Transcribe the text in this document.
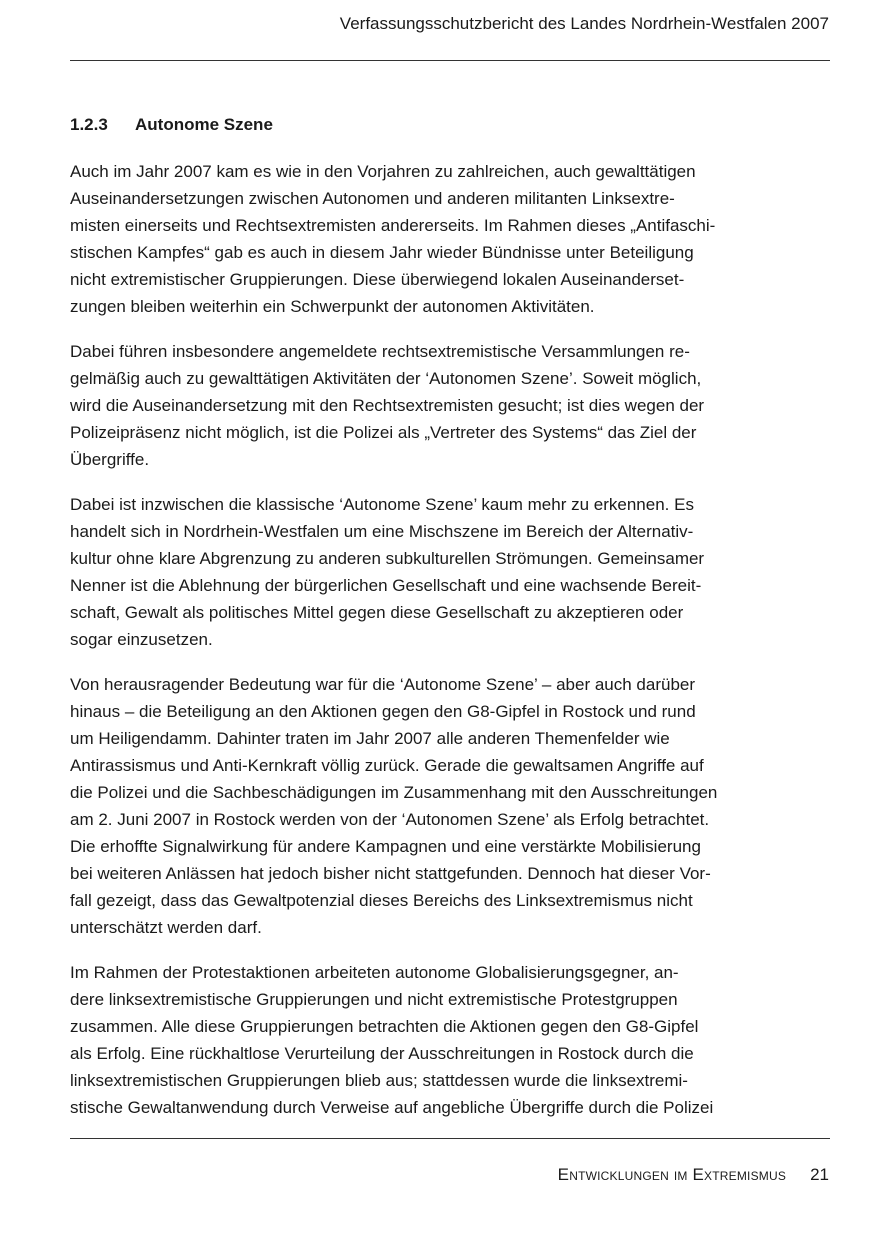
Verfassungsschutzbericht des Landes Nordrhein-Westfalen 2007
1.2.3 Autonome Szene
Auch im Jahr 2007 kam es wie in den Vorjahren zu zahlreichen, auch gewalttätigen
Auseinandersetzungen zwischen Autonomen und anderen militanten Linksextre-
misten einerseits und Rechtsextremisten andererseits. Im Rahmen dieses „Antifaschi-
stischen Kampfes“ gab es auch in diesem Jahr wieder Bündnisse unter Beteiligung
nicht extremistischer Gruppierungen. Diese überwiegend lokalen Auseinanderset-
zungen bleiben weiterhin ein Schwerpunkt der autonomen Aktivitäten.
Dabei führen insbesondere angemeldete rechtsextremistische Versammlungen re-
gelmäßig auch zu gewalttätigen Aktivitäten der ‘Autonomen Szene’. Soweit möglich,
wird die Auseinandersetzung mit den Rechtsextremisten gesucht; ist dies wegen der
Polizeipräsenz nicht möglich, ist die Polizei als „Vertreter des Systems“ das Ziel der
Übergriffe.
Dabei ist inzwischen die klassische ‘Autonome Szene’ kaum mehr zu erkennen. Es
handelt sich in Nordrhein-Westfalen um eine Mischszene im Bereich der Alternativ-
kultur ohne klare Abgrenzung zu anderen subkulturellen Strömungen. Gemeinsamer
Nenner ist die Ablehnung der bürgerlichen Gesellschaft und eine wachsende Bereit-
schaft, Gewalt als politisches Mittel gegen diese Gesellschaft zu akzeptieren oder
sogar einzusetzen.
Von herausragender Bedeutung war für die ‘Autonome Szene’ – aber auch darüber
hinaus – die Beteiligung an den Aktionen gegen den G8-Gipfel in Rostock und rund
um Heiligendamm. Dahinter traten im Jahr 2007 alle anderen Themenfelder wie
Antirassismus und Anti-Kernkraft völlig zurück. Gerade die gewaltsamen Angriffe auf
die Polizei und die Sachbeschädigungen im Zusammenhang mit den Ausschreitungen
am 2. Juni 2007 in Rostock werden von der ‘Autonomen Szene’ als Erfolg betrachtet.
Die erhoffte Signalwirkung für andere Kampagnen und eine verstärkte Mobilisierung
bei weiteren Anlässen hat jedoch bisher nicht stattgefunden. Dennoch hat dieser Vor-
fall gezeigt, dass das Gewaltpotenzial dieses Bereichs des Linksextremismus nicht
unterschätzt werden darf.
Im Rahmen der Protestaktionen arbeiteten autonome Globalisierungsgegner, an-
dere linksextremistische Gruppierungen und nicht extremistische Protestgruppen
zusammen. Alle diese Gruppierungen betrachten die Aktionen gegen den G8-Gipfel
als Erfolg. Eine rückhaltlose Verurteilung der Ausschreitungen in Rostock durch die
linksextremistischen Gruppierungen blieb aus; stattdessen wurde die linksextremi-
stische Gewaltanwendung durch Verweise auf angebliche Übergriffe durch die Polizei
Entwicklungen im Extremismus 21
